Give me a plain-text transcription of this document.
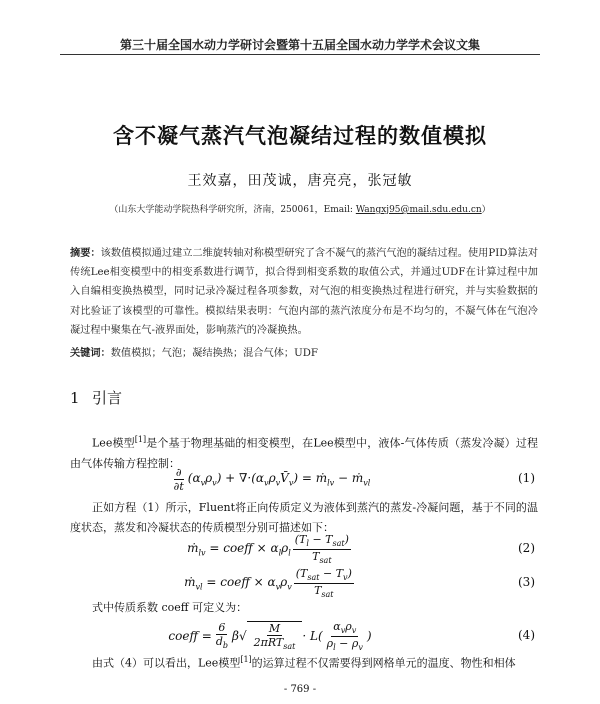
第三十届全国水动力学研讨会暨第十五届全国水动力学学术会议文集
含不凝气蒸汽气泡凝结过程的数值模拟
王效嘉，田茂诚，唐亮亮，张冠敏
（山东大学能动学院热科学研究所，济南，250061，Email: Wangxj95@mail.sdu.edu.cn）
摘要：该数值模拟通过建立二维旋转轴对称模型研究了含不凝气的蒸汽气泡的凝结过程。使用PID算法对传统Lee相变模型中的相变系数进行调节，拟合得到相变系数的取值公式，并通过UDF在计算过程中加入自编相变换热模型，同时记录冷凝过程各项参数，对气泡的相变换热过程进行研究，并与实验数据的对比验证了该模型的可靠性。模拟结果表明：气泡内部的蒸汽浓度分布是不均匀的，不凝气体在气泡冷凝过程中聚集在气-液界面处，影响蒸汽的冷凝换热。
关键词：数值模拟；气泡；凝结换热；混合气体；UDF
1 引言
Lee模型[1]是个基于物理基础的相变模型，在Lee模型中，液体-气体传质（蒸发冷凝）过程由气体传输方程控制：
$\frac{\partial}{\partial t} (\alpha_v\rho_v)$ + $\nabla\cdot(\alpha_v\rho_vV̄_v)$ = ṁ$_{lv}$ − ṁ$_{vl}$	(1)
正如方程（1）所示，Fluent将正向传质定义为液体到蒸汽的蒸发-冷凝问题，基于不同的温度状态，蒸发和冷凝状态的传质模型分别可描述如下：
ṁ$_{lv}$ = coeff × $\alpha_l\rho_l \frac{(T_l - T_{sat})}{T_{sat}}$	(2)
ṁ$_{vl}$ = coeff × $\alpha_v\rho_v \frac{(T_{sat} - T_v)}{T_{sat}}$	(3)
式中传质系数 coeff 可定义为：
coeff = $\frac{6}{d_b}$ β √ $\frac{M}{2\pi RT_{sat}} \cdot L( \frac{\alpha_v\rho_v}{\rho_l - \rho_v}$ )	(4)
由式（4）可以看出，Lee模型[1]的运算过程不仅需要得到网格单元的温度、物性和相体
- 769 -
